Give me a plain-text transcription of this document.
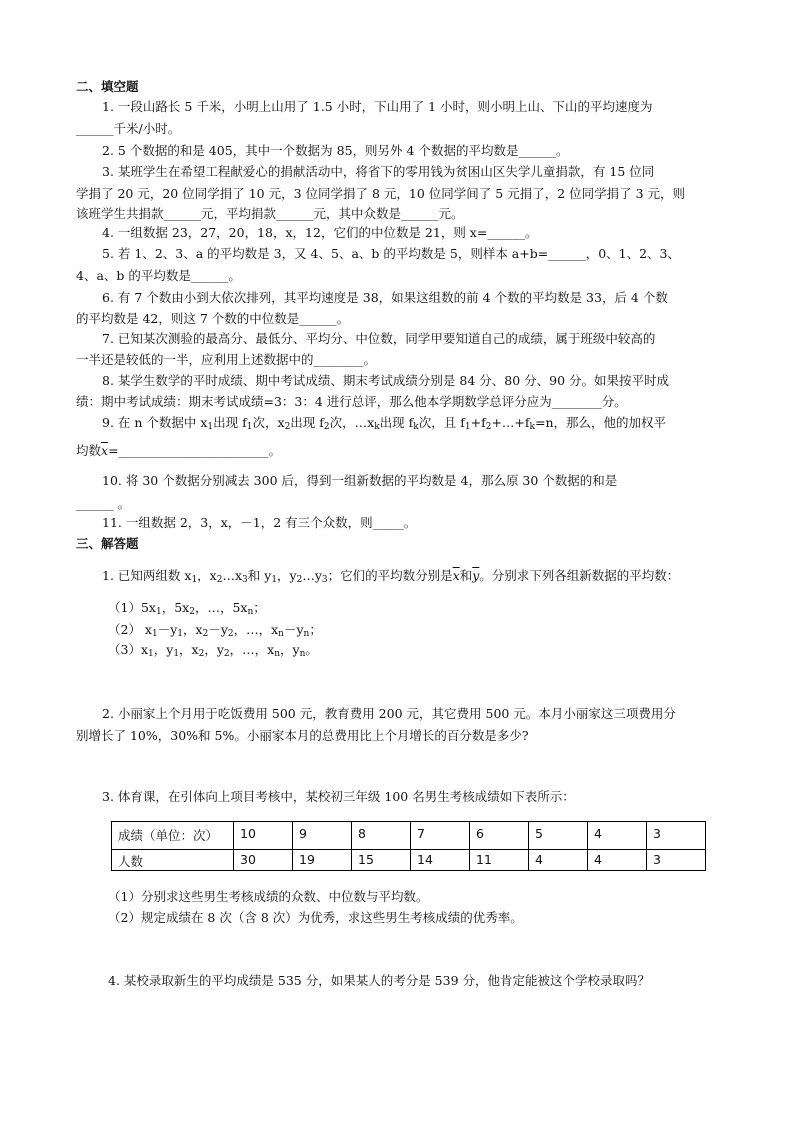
二、填空题
1. 一段山路长 5 千米，小明上山用了 1.5 小时，下山用了 1 小时，则小明上山、下山的平均速度为
______千米/小时。
2. 5 个数据的和是 405，其中一个数据为 85，则另外 4 个数据的平均数是______。
3. 某班学生在希望工程献爱心的捐献活动中，将省下的零用钱为贫困山区失学儿童捐款，有 15 位同
学捐了 20 元，20 位同学捐了 10 元，3 位同学捐了 8 元，10 位同学间了 5 元捐了，2 位同学捐了 3 元，则
该班学生共捐款______元，平均捐款______元，其中众数是______元。
4. 一组数据 23，27，20，18，x，12，它们的中位数是 21，则 x=______。
5. 若 1、2、3、a 的平均数是 3，又 4、5、a、b 的平均数是 5，则样本 a+b=______，0、1、2、3、
4、a、b 的平均数是______。
6. 有 7 个数由小到大依次排列，其平均速度是 38，如果这组数的前 4 个数的平均数是 33，后 4 个数
的平均数是 42，则这 7 个数的中位数是______。
7. 已知某次测验的最高分、最低分、平均分、中位数，同学甲要知道自己的成绩，属于班级中较高的
一半还是较低的一半，应利用上述数据中的________。
8. 某学生数学的平时成绩、期中考试成绩、期末考试成绩分别是 84 分、80 分、90 分。如果按平时成
绩：期中考试成绩：期末考试成绩=3：3：4 进行总评，那么他本学期数学总评分应为________分。
9. 在 n 个数据中 $x_1$出现 $f_1$次，$x_2$出现 $f_2$次，$\dots x_k$出现 $f_k$次，且 $f_1+f_2+\dots+f_k=n$，那么，他的加权平
均数$\overline{x}=\_\_\_\_\_\_\_\_\_\_\_\_\_\_\_\_\_\_\_\_\_\_\_\_$。
10. 将 30 个数据分别减去 300 后，得到一组新数据的平均数是 4，那么原 30 个数据的和是
______ 。
11. 一组数据 2，3，x，－1，2 有三个众数，则_____。
三、解答题
1. 已知两组数 $x_1$，$x_2\dots x_3$和 $y_1$，$y_2\dots y_3$；它们的平均数分别是$\overline{x}$和$\overline{y}$。分别求下列各组新数据的平均数：
$(1)5x_1$，$5x_2$，…，$5x_n$；
（2） $x_1-y_1$，$x_2-y_2$，…，$x_n-y_n$；
$(3)x_1$，$y_1$，$x_2$，$y_2$，…，$x_n$，$y_n$。
2. 小丽家上个月用于吃饭费用 500 元，教育费用 200 元，其它费用 500 元。本月小丽家这三项费用分
别增长了 10%，30%和 5%。小丽家本月的总费用比上个月增长的百分数是多少?
3. 体育课，在引体向上项目考核中，某校初三年级 100 名男生考核成绩如下表所示：
成绩（单位：次）	10	9	8	7	6	5	4	3
人数	30	19	15	14	11	4	4	3
（1）分别求这些男生考核成绩的众数、中位数与平均数。
（2）规定成绩在 8 次（含 8 次）为优秀，求这些男生考核成绩的优秀率。
4. 某校录取新生的平均成绩是 535 分，如果某人的考分是 539 分，他肯定能被这个学校录取吗？
